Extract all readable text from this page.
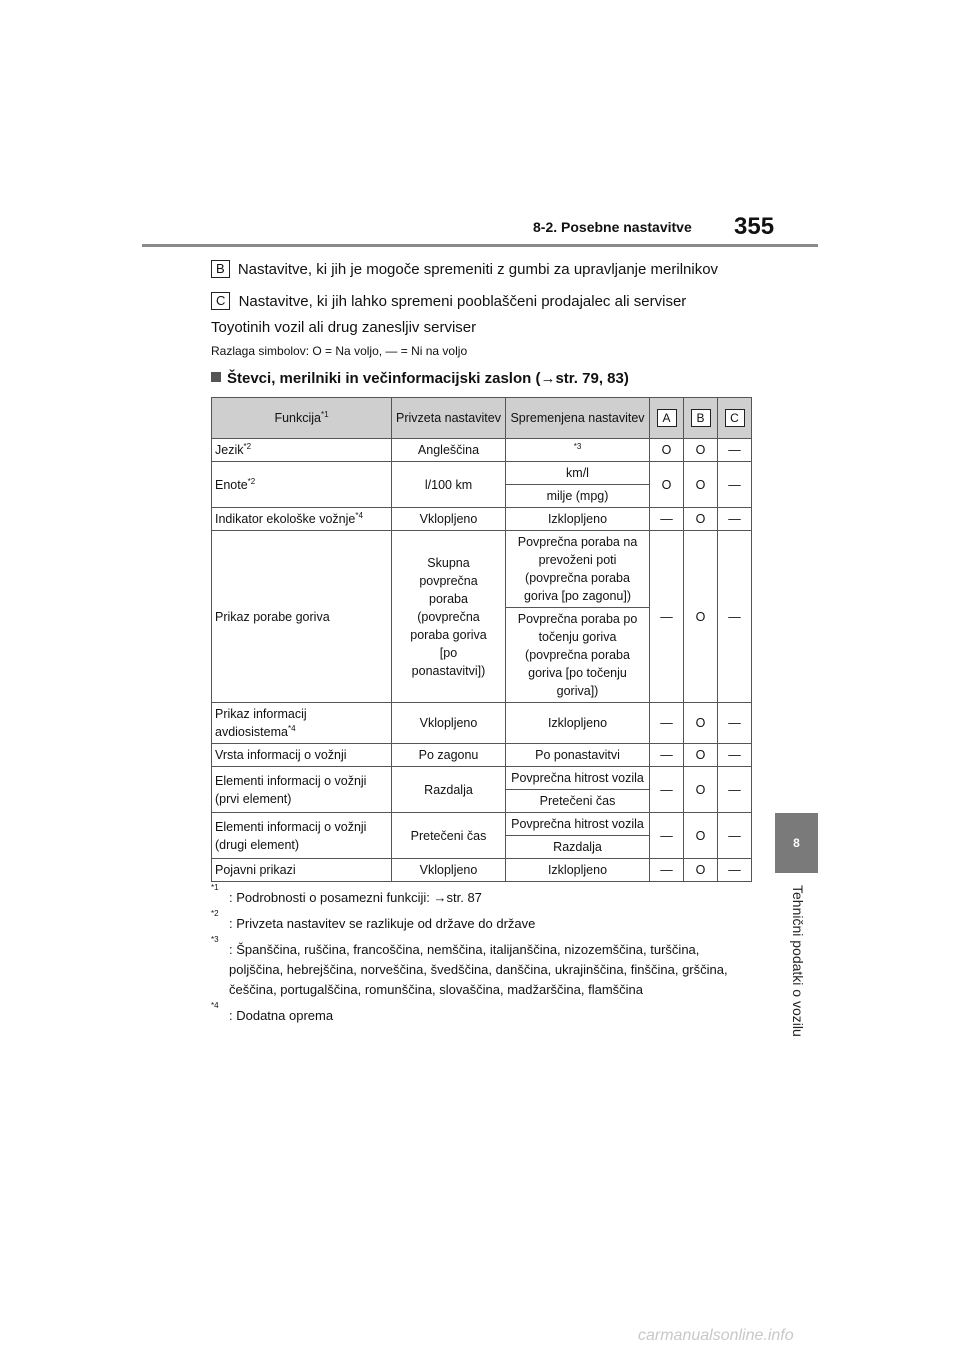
8-2. Posebne nastavitve 355
8
Tehnični podatki o vozilu

B Nastavitve, ki jih je mogoče spremeniti z gumbi za upravljanje merilnikov

C Nastavitve, ki jih lahko spremeni pooblaščeni prodajalec ali serviser

Toyotinih vozil ali drug zanesljiv serviser

Razlaga simbolov: O = Na voljo, — = Ni na voljo

Števci, merilniki in večinformacijski zaslon (→str. 79, 83)
Funkcija$^{*1}$	Privzeta nastavitev	Spremenjena nastavitev	A	B	C
Jezik$^{*2}$	Angleščina	$^{*3}$	O	O	—
Enote$^{*2}$	l/100 km	km/l	O	O	—
		milje (mpg)			
Indikator ekološke vožnje$^{*4}$	Vklopljeno	Izklopljeno	—	O	—
Prikaz porabe goriva	Skupna povprečna poraba (povprečna poraba goriva [po ponastavitvi])	Povprečna poraba na prevoženi poti (povprečna poraba goriva [po zagonu])	—	O	—
		Povprečna poraba po točenju goriva (povprečna poraba goriva [po točenju goriva])			
Prikaz informacij avdiosistema$^{*4}$	Vklopljeno	Izklopljeno	—	O	—
Vrsta informacij o vožnji	Po zagonu	Po ponastavitvi	—	O	—
Elementi informacij o vožnji (prvi element)	Razdalja	Povprečna hitrost vozila	—	O	—
		Pretečeni čas			
Elementi informacij o vožnji (drugi element)	Pretečeni čas	Povprečna hitrost vozila	—	O	—
		Razdalja			
Pojavni prikazi	Vklopljeno	Izklopljeno	—	O	—
*1
: Podrobnosti o posamezni funkciji: →str. 87
*2
: Privzeta nastavitev se razlikuje od države do države
*3
: Španščina, ruščina, francoščina, nemščina, italijanščina, nizozemščina, turščina, poljščina, hebrejščina, norveščina, švedščina, danščina, ukrajinščina, finščina, grščina, češčina, portugalščina, romunščina, slovaščina, madžarščina, flamščina
*4
: Dodatna oprema
carmanualsonline.info
